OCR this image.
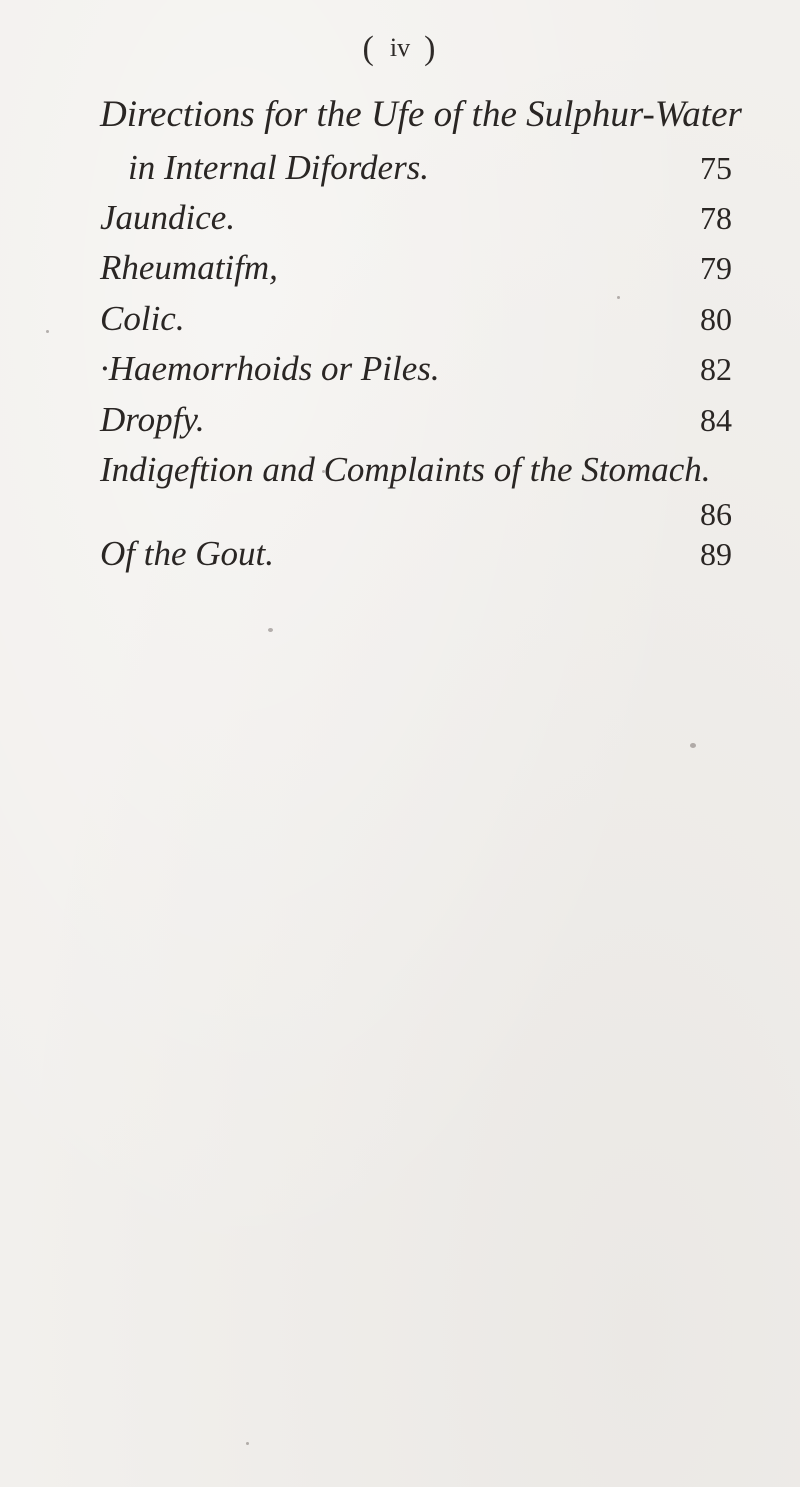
( iv )
Directions for the Ufe of the Sulphur-Water
in Internal Diforders.	75
Jaundice.	78
Rheumatifm,	79
Colic.	80
·Haemorrhoids or Piles.	82
Dropfy.	84
Indigeftion and Complaints of the Stomach.
86
Of the Gout.	89
